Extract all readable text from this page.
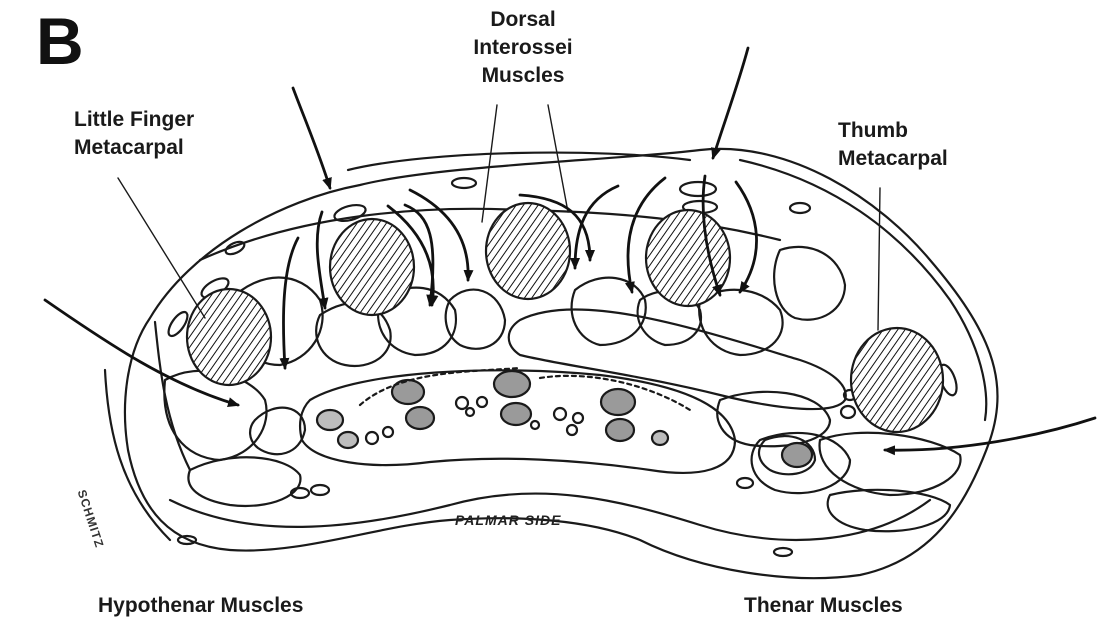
B
Little Finger
Metacarpal
Dorsal
Interossei
Muscles
Thumb
Metacarpal
PALMAR SIDE
SCHMITZ
Hypothenar Muscles	Thenar Muscles
